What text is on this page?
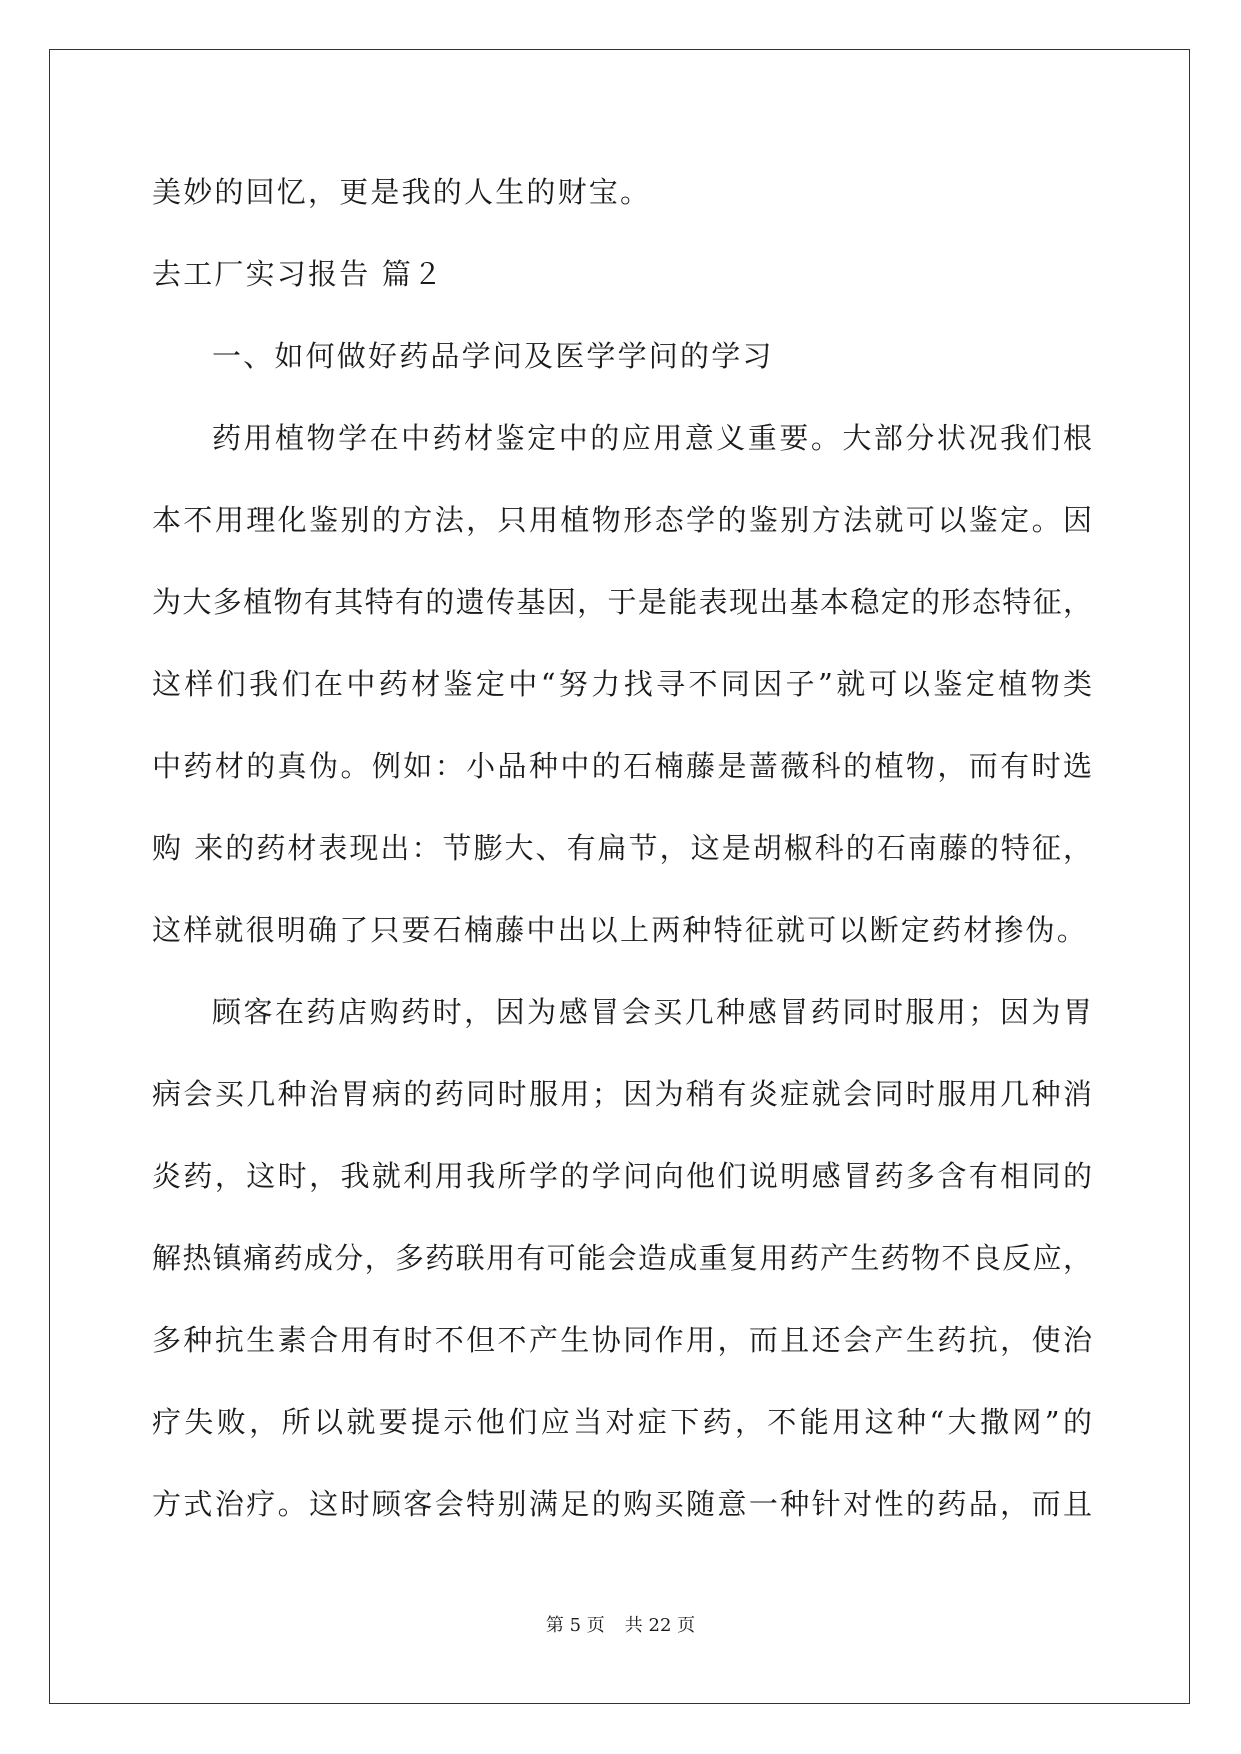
美妙的回忆，更是我的人生的财宝。
去工厂实习报告 篇２
一、如何做好药品学问及医学学问的学习
药用植物学在中药材鉴定中的应用意义重要。大部分状况我们根
本不用理化鉴别的方法，只用植物形态学的鉴别方法就可以鉴定。因
为大多植物有其特有的遗传基因，于是能表现出基本稳定的形态特征，
这样们我们在中药材鉴定中“努力找寻不同因子”就可以鉴定植物类
中药材的真伪。例如：小品种中的石楠藤是蔷薇科的植物，而有时选
购 来的药材表现出：节膨大、有扁节，这是胡椒科的石南藤的特征，
这样就很明确了只要石楠藤中出以上两种特征就可以断定药材掺伪。
顾客在药店购药时，因为感冒会买几种感冒药同时服用；因为胃
病会买几种治胃病的药同时服用；因为稍有炎症就会同时服用几种消
炎药，这时，我就利用我所学的学问向他们说明感冒药多含有相同的
解热镇痛药成分，多药联用有可能会造成重复用药产生药物不良反应，
多种抗生素合用有时不但不产生协同作用，而且还会产生药抗，使治
疗失败，所以就要提示他们应当对症下药，不能用这种“大撒网”的
方式治疗。这时顾客会特别满足的购买随意一种针对性的药品，而且
第 5 页 共 22 页
